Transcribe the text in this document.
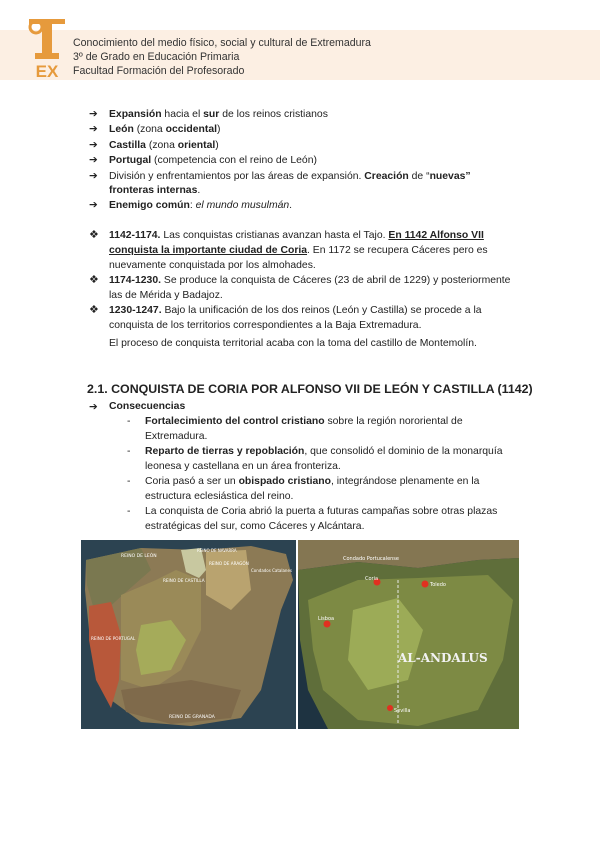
EX
Conocimiento del medio físico, social y cultural de Extremadura
3º de Grado en Educación Primaria
Facultad Formación del Profesorado
➔	Expansión hacia el sur de los reinos cristianos
➔	León (zona occidental)
➔	Castilla (zona oriental)
➔	Portugal (competencia con el reino de León)
➔	División y enfrentamientos por las áreas de expansión. Creación de “nuevas”
fronteras internas.
➔	Enemigo común: el mundo musulmán.
❖ 1142-1174. Las conquistas cristianas avanzan hasta el Tajo. En 1142 Alfonso VII conquista la importante ciudad de Coria. En 1172 se recupera Cáceres pero es nuevamente conquistada por los almohades.
❖ 1174-1230. Se produce la conquista de Cáceres (23 de abril de 1229) y posteriormente las de Mérida y Badajoz.
❖ 1230-1247. Bajo la unificación de los dos reinos (León y Castilla) se procede a la conquista de los territorios correspondientes a la Baja Extremadura.
El proceso de conquista territorial acaba con la toma del castillo de Montemolín.
2.1. CONQUISTA DE CORIA POR ALFONSO VII DE LEÓN Y CASTILLA (1142)
➔	Consecuencias
-	Fortalecimiento del control cristiano sobre la región nororiental de Extremadura.
-	Reparto de tierras y repoblación, que consolidó el dominio de la monarquía leonesa y castellana en un área fronteriza.
-	Coria pasó a ser un obispado cristiano, integrándose plenamente en la estructura eclesiástica del reino.
-	La conquista de Coria abrió la puerta a futuras campañas sobre otras plazas estratégicas del sur, como Cáceres y Alcántara.
REINO DE LEÓN
REINO DE NAVARRA
REINO DE ARAGÓN
Condados Catalanes
REINO DE CASTILLA
REINO DE PORTUGAL
REINO DE GRANADA
Condado Portucalense
Coria
Toledo
Lisboa
AL-ANDALUS
Sevilla
